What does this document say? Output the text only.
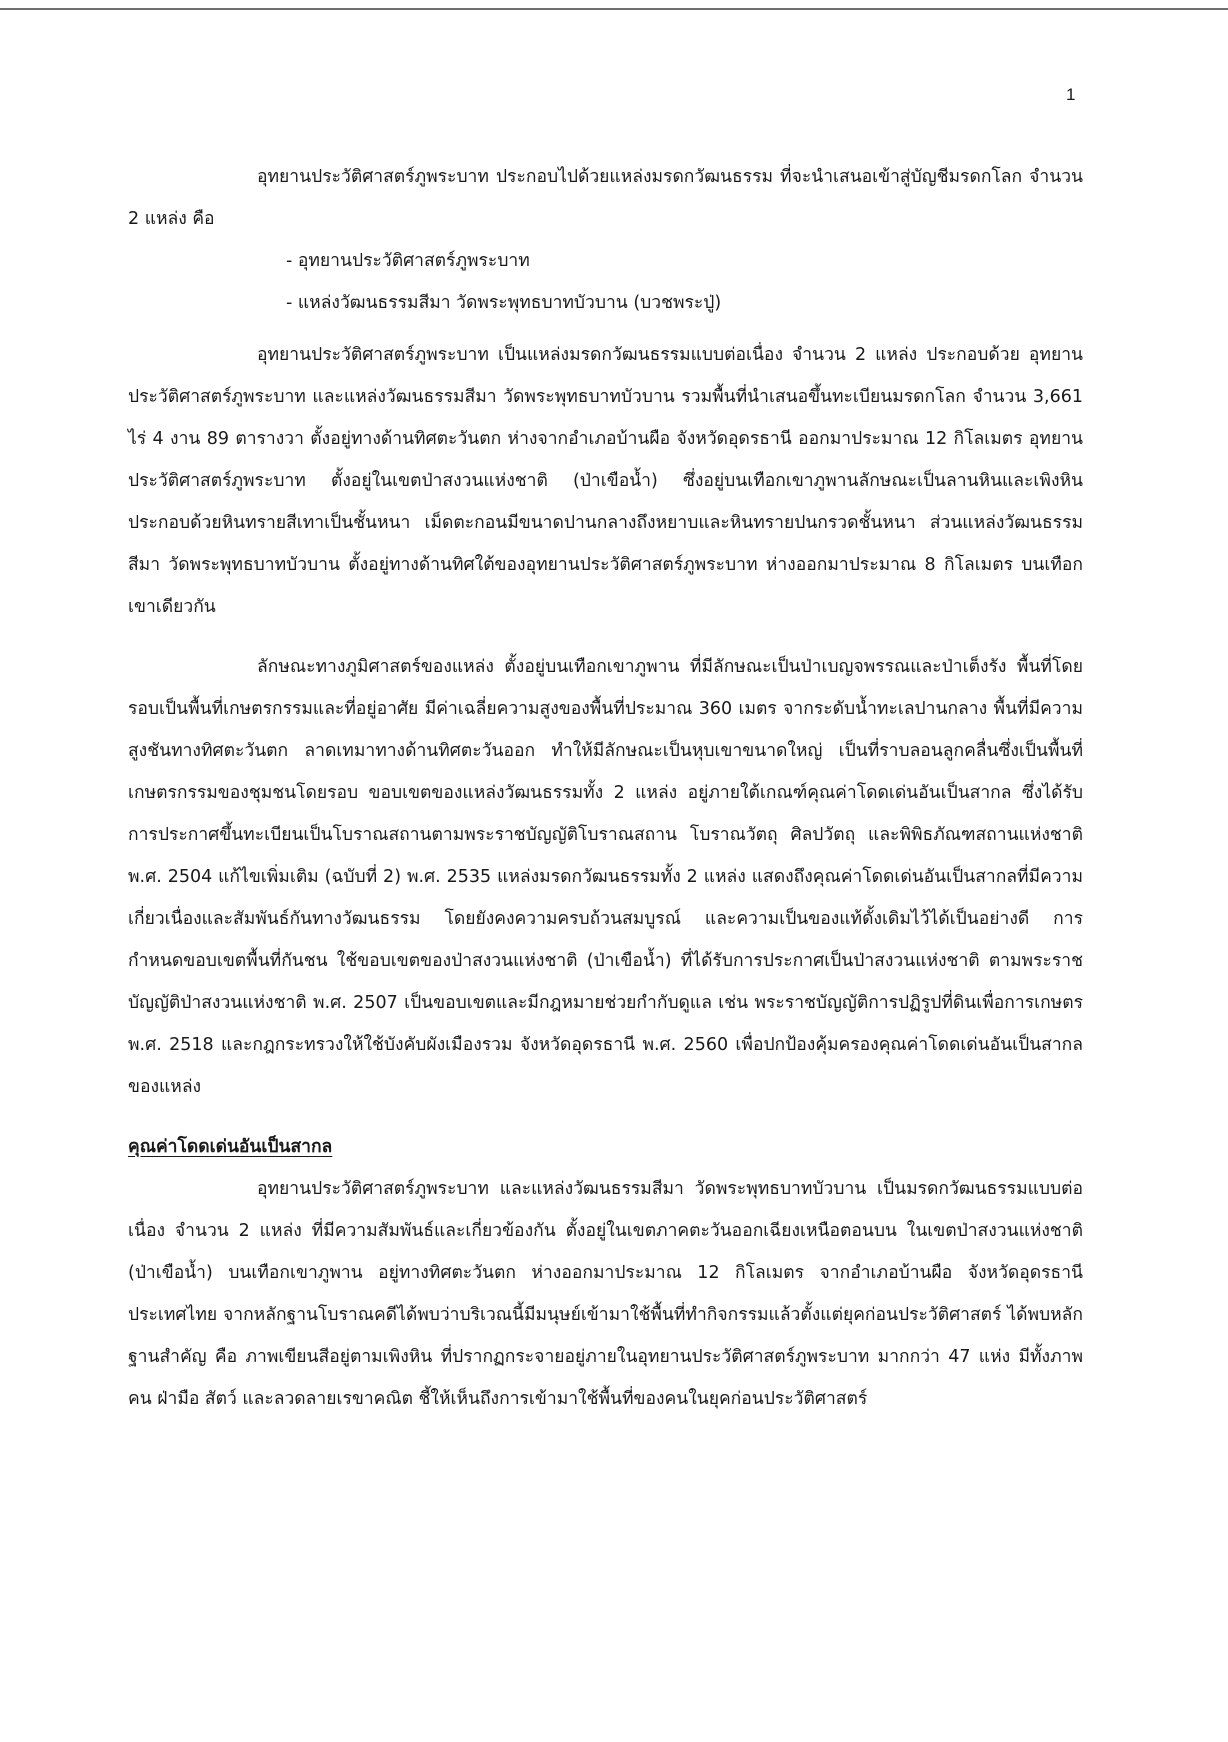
1

อุทยานประวัติศาสตร์ภูพระบาท ประกอบไปด้วยแหล่งมรดกวัฒนธรรม ที่จะนำเสนอเข้าสู่บัญชีมรดกโลก จำนวน 2 แหล่ง คือ

- อุทยานประวัติศาสตร์ภูพระบาท
- แหล่งวัฒนธรรมสีมา วัดพระพุทธบาทบัวบาน (บวชพระปู่)

อุทยานประวัติศาสตร์ภูพระบาท เป็นแหล่งมรดกวัฒนธรรมแบบต่อเนื่อง จำนวน 2 แหล่ง ประกอบด้วย อุทยานประวัติศาสตร์ภูพระบาท และแหล่งวัฒนธรรมสีมา วัดพระพุทธบาทบัวบาน รวมพื้นที่นำเสนอขึ้นทะเบียนมรดกโลก จำนวน 3,661 ไร่ 4 งาน 89 ตารางวา ตั้งอยู่ทางด้านทิศตะวันตก ห่างจากอำเภอบ้านผือ จังหวัดอุดรธานี ออกมาประมาณ 12 กิโลเมตร อุทยานประวัติศาสตร์ภูพระบาท ตั้งอยู่ในเขตป่าสงวนแห่งชาติ (ป่าเขือน้ำ) ซึ่งอยู่บนเทือกเขาภูพานลักษณะเป็นลานหินและเพิงหิน ประกอบด้วยหินทรายสีเทาเป็นชั้นหนา เม็ดตะกอนมีขนาดปานกลางถึงหยาบและหินทรายปนกรวดชั้นหนา ส่วนแหล่งวัฒนธรรมสีมา วัดพระพุทธบาทบัวบาน ตั้งอยู่ทางด้านทิศใต้ของอุทยานประวัติศาสตร์ภูพระบาท ห่างออกมาประมาณ 8 กิโลเมตร บนเทือกเขาเดียวกัน

ลักษณะทางภูมิศาสตร์ของแหล่ง ตั้งอยู่บนเทือกเขาภูพาน ที่มีลักษณะเป็นป่าเบญจพรรณและป่าเต็งรัง พื้นที่โดยรอบเป็นพื้นที่เกษตรกรรมและที่อยู่อาศัย มีค่าเฉลี่ยความสูงของพื้นที่ประมาณ 360 เมตร จากระดับน้ำทะเลปานกลาง พื้นที่มีความสูงชันทางทิศตะวันตก ลาดเทมาทางด้านทิศตะวันออก ทำให้มีลักษณะเป็นหุบเขาขนาดใหญ่ เป็นที่ราบลอนลูกคลื่นซึ่งเป็นพื้นที่เกษตรกรรมของชุมชนโดยรอบ ขอบเขตของแหล่งวัฒนธรรมทั้ง 2 แหล่ง อยู่ภายใต้เกณฑ์คุณค่าโดดเด่นอันเป็นสากล ซึ่งได้รับการประกาศขึ้นทะเบียนเป็นโบราณสถานตามพระราชบัญญัติโบราณสถาน โบราณวัตถุ ศิลปวัตถุ และพิพิธภัณฑสถานแห่งชาติ พ.ศ. 2504 แก้ไขเพิ่มเติม (ฉบับที่ 2) พ.ศ. 2535 แหล่งมรดกวัฒนธรรมทั้ง 2 แหล่ง แสดงถึงคุณค่าโดดเด่นอันเป็นสากลที่มีความเกี่ยวเนื่องและสัมพันธ์กันทางวัฒนธรรม โดยยังคงความครบถ้วนสมบูรณ์ และความเป็นของแท้ดั้งเดิมไว้ได้เป็นอย่างดี การกำหนดขอบเขตพื้นที่กันชน ใช้ขอบเขตของป่าสงวนแห่งชาติ (ป่าเขือน้ำ) ที่ได้รับการประกาศเป็นป่าสงวนแห่งชาติ ตามพระราชบัญญัติป่าสงวนแห่งชาติ พ.ศ. 2507 เป็นขอบเขตและมีกฎหมายช่วยกำกับดูแล เช่น พระราชบัญญัติการปฏิรูปที่ดินเพื่อการเกษตร พ.ศ. 2518 และกฎกระทรวงให้ใช้บังคับผังเมืองรวม จังหวัดอุดรธานี พ.ศ. 2560 เพื่อปกป้องคุ้มครองคุณค่าโดดเด่นอันเป็นสากลของแหล่ง

คุณค่าโดดเด่นอันเป็นสากล

อุทยานประวัติศาสตร์ภูพระบาท และแหล่งวัฒนธรรมสีมา วัดพระพุทธบาทบัวบาน เป็นมรดกวัฒนธรรมแบบต่อเนื่อง จำนวน 2 แหล่ง ที่มีความสัมพันธ์และเกี่ยวข้องกัน ตั้งอยู่ในเขตภาคตะวันออกเฉียงเหนือตอนบน ในเขตป่าสงวนแห่งชาติ (ป่าเขือน้ำ) บนเทือกเขาภูพาน อยู่ทางทิศตะวันตก ห่างออกมาประมาณ 12 กิโลเมตร จากอำเภอบ้านผือ จังหวัดอุดรธานี ประเทศไทย จากหลักฐานโบราณคดีได้พบว่าบริเวณนี้มีมนุษย์เข้ามาใช้พื้นที่ทำกิจกรรมแล้วตั้งแต่ยุคก่อนประวัติศาสตร์ ได้พบหลักฐานสำคัญ คือ ภาพเขียนสีอยู่ตามเพิงหิน ที่ปรากฏกระจายอยู่ภายในอุทยานประวัติศาสตร์ภูพระบาท มากกว่า 47 แห่ง มีทั้งภาพคน ฝ่ามือ สัตว์ และลวดลายเรขาคณิต ชี้ให้เห็นถึงการเข้ามาใช้พื้นที่ของคนในยุคก่อนประวัติศาสตร์
